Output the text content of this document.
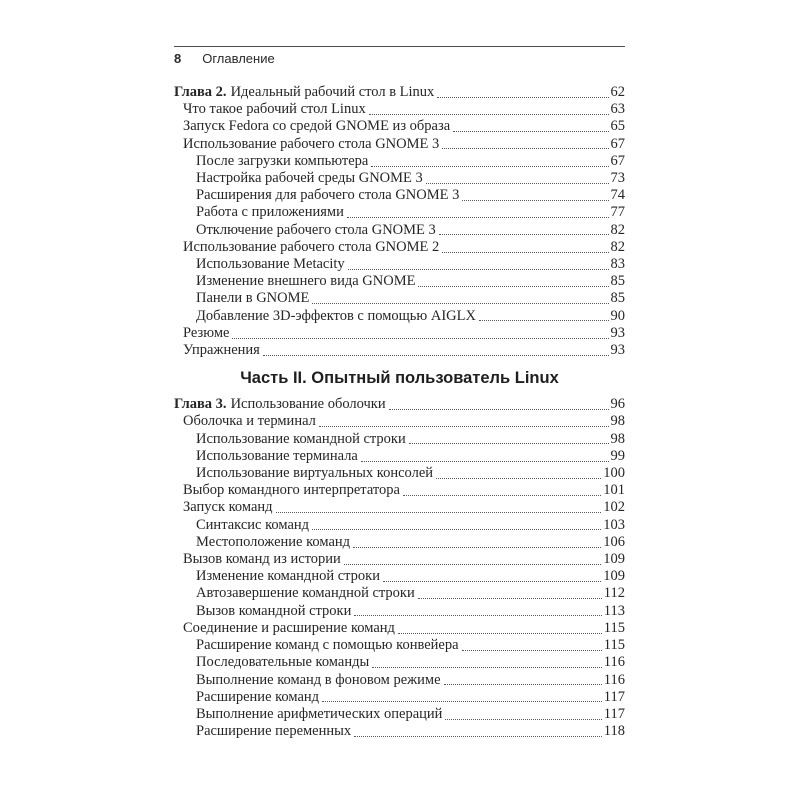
8 Оглавление
Глава 2. Идеальный рабочий стол в Linux	62
Что такое рабочий стол Linux	63
Запуск Fedora со средой GNOME из образа	65
Использование рабочего стола GNOME 3	67
После загрузки компьютера	67
Настройка рабочей среды GNOME 3	73
Расширения для рабочего стола GNOME 3	74
Работа с приложениями	77
Отключение рабочего стола GNOME 3	82
Использование рабочего стола GNOME 2	82
Использование Metacity	83
Изменение внешнего вида GNOME	85
Панели в GNOME	85
Добавление 3D-эффектов с помощью AIGLX	90
Резюме	93
Упражнения	93
Часть II. Опытный пользователь Linux
Глава 3. Использование оболочки	96
Оболочка и терминал	98
Использование командной строки	98
Использование терминала	99
Использование виртуальных консолей	100
Выбор командного интерпретатора	101
Запуск команд	102
Синтаксис команд	103
Местоположение команд	106
Вызов команд из истории	109
Изменение командной строки	109
Автозавершение командной строки	112
Вызов командной строки	113
Соединение и расширение команд	115
Расширение команд с помощью конвейера	115
Последовательные команды	116
Выполнение команд в фоновом режиме	116
Расширение команд	117
Выполнение арифметических операций	117
Расширение переменных	118
